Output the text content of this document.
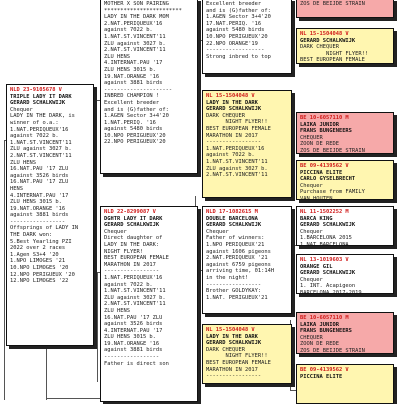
MOTHER X SON PAIRING
************************
LADY IN THE DARK MOM
2.NAT.PERIQUEUX'16
against 7022 b.
1.NAT.ST.VINCENT'11
ZLU against 3027 b.
2.NAT.ST.VINCENT'11
ZLU HENS
4.INTERNAT.PAU '17
ZLU HENS 3015 b.
19.NAT.ORANGE '16
against 3881 birds
---------------------
INBRED CHAMPION !
Excellent breeder
and is (G)father of:
1.AGEN Sector 3+4'20
1.NAT.PERIQ. '16
against 5480 birds
10.NPO PERIGUEUX'20
22.NPO PERIGUEUX'20
Excellent breeder
and is (G)father of:
1.AGEN Sector 3+4'20
17.NAT.PERIQ. '16
against 5480 birds
10.NPO PERIGUEUX'20
22.NPO ORANGE'19
------------------
Strong inbred to top
ZOS DE BEIJDE STRAIN
NL 15-1504048 V
GERARD SCHALKWIJK
DARK CHEQUER
NIGHT FLYER!!
BEST EUROPEAN FEMALE
NLD 23-9105678 V
TRIPLE LADY IT DARK
GERARD SCHALKWIJK
Chequer
LADY IN THE DARK, is
winner of o.a.:
1.NAT.PERIQUEUX'16
against 7022 b.
1.NAT.ST.VINCENT'11
ZLU against 3027 b.
2.NAT.ST.VINCENT'11
ZLU HENS
16.NAT.PAU '17 ZLU
against 3526 birds
16.NAT.PAU '17 ZLU
HENS
4.INTERNAT.PAU '17
ZLU HENS 3015 b.
19.NAT.ORANGE '16
against 3881 birds
-----------------
Offsprings of LADY IN
THE DARK won:
5.Best Yearling PZI
2022 over 2 races
1.Agen S3+4 '20
1.NPO LIMOGES '21
10.NPO LIMOGES '20
12.NPO PERIGUEUX '20
12.NPO LIMOGES '22
NL 15-1504048 V
LADY IN THE DARK
GERARD SCHALKWIJK
DARK CHEQUER
NIGHT FLYER!!
BEST EUROPEAN FEMALE
MARATHON IN 2017
-----------------
1.NAT.PERIQUEUX'16
against 7022 b.
1.NAT.ST.VINCENT'11
ZLU against 3027 b.
2.NAT.ST.VINCENT'11
BE 10-6057110 M
LAIKA JUNIOR
FRANS BUNGENEERS
CHEQUER
ZOON DE REDE
ZOS DE BEIJDE STRAIN
BE 09-4139562 V
PICCINA ELITE
CARLO GYSELBRECHT
Chequer
Purchase from FAMILY
VAN HOUTEN.
NLD 22-8299087 V
DGHTR LADY IT DARK
GERARD SCHALKWIJK
Chequer
Direct daughter of
LADY IN THE DARK:
NIGHT FLYER!
BEST EUROPEAN FEMALE
MARATHON IN 2017
-----------------
1.NAT.PERIQUEUX'16
against 7022 b.
1.NAT.ST.VINCENT'11
ZLU against 3027 b.
2.NAT.ST.VINCENT'11
ZLU HENS
16.NAT.PAU '17 ZLU
against 3526 birds
4.INTERNAT.PAU '17
ZLU HENS 3015 b.
19.NAT.ORANGE '16
against 3881 birds
-----------------
Father is direct son
NLD 17-1082615 M
DOUBLE BARCELONA
GERARD SCHALKWIJK
Chequer
Father of winners:
1.NPO PERIQUEUX'21
against 1606 pigeons
2.NAT.PERIQUEUX '21
against 6759 pigeons
arriving time, 01:14H
in the night!
-----------------
Brother GOLDYKAY:
1.NAT. PERIGUEUX'21
NL 11-1502252 M
BARCA KING
GERARD SCHALKWIJK
Chequer
1.BARCELONA 2015
1.NAT.BARCELONA
NL 13-1019603 V
ORANGE GIL
GERARD SCHALKWIJK
Chequer
1. INT. Acapigeon
BARCELONA 2017-2019
NL 15-1504048 V
LADY IN THE DARK
GERARD SCHALKWIJK
DARK CHEQUER
NIGHT FLYER!!
BEST EUROPEAN FEMALE
MARATHON IN 2017
-----------------
BE 10-6057110 M
LAIKA JUNIOR
FRANS BUNGENEERS
CHEQUER
ZOON DE REDE
ZOS DE BEIJDE STRAIN
BE 09-4139562 V
PICCINA ELITE
